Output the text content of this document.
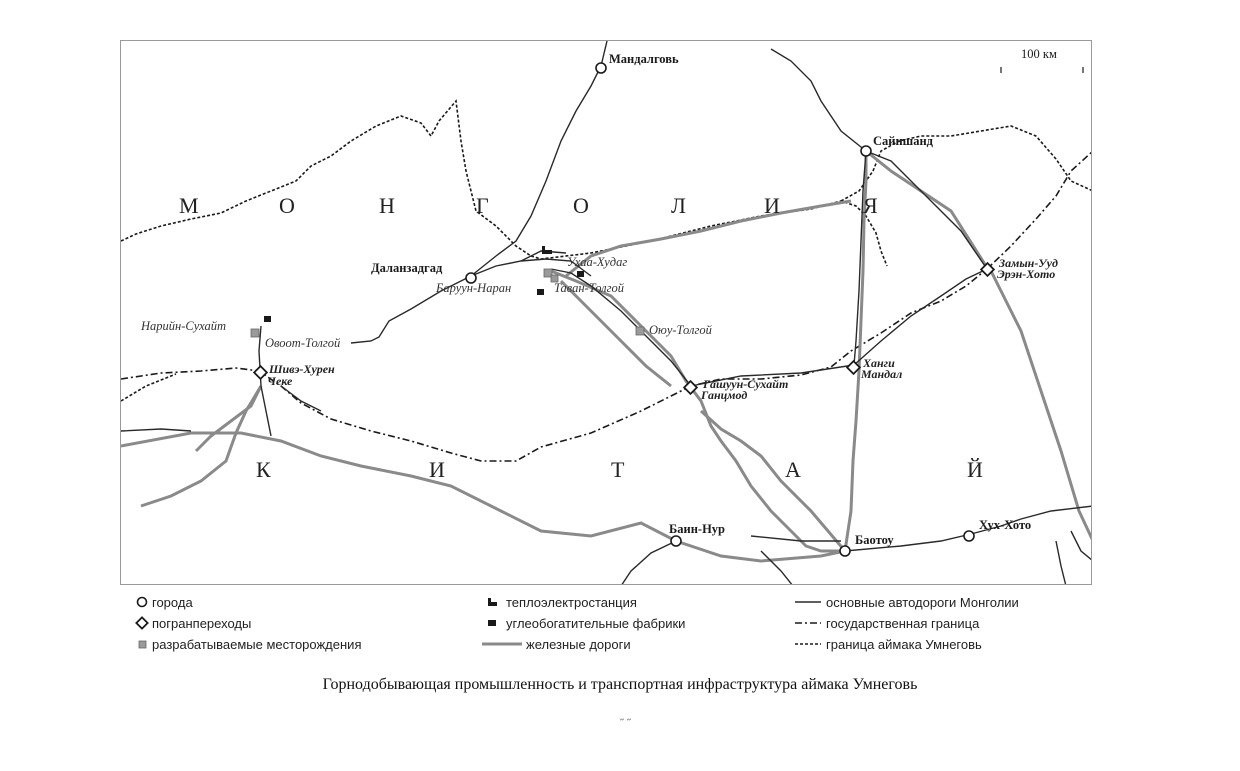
100 км
М	О	Н	Г	О	Л	И	Я
К	И	Т	А	Й
Мандалговь
Сайншанд
Даланзадгад
Баин-Нур
Баотоу
Хух-Хото
Баруун-Наран
Ухаа-Худаг
Таван-Толгой
Оюу-Толгой
Нарийн-Сухайт
Овоот-Толгой
Шивэ-Хурен
Чеке	Гашуун-Сухайт
Ганцмод
Ханги
Мандал
Замын-Ууд
Эрэн-Хото
города
погранпереходы
разрабатываемые месторождения
теплоэлектростанция
углеобогатительные фабрики
железные дороги
основные автодороги Монголии
государственная граница
граница аймака Умнеговь
Горнодобывающая промышленность и транспортная инфраструктура аймака Умнеговь
˝ ˝
